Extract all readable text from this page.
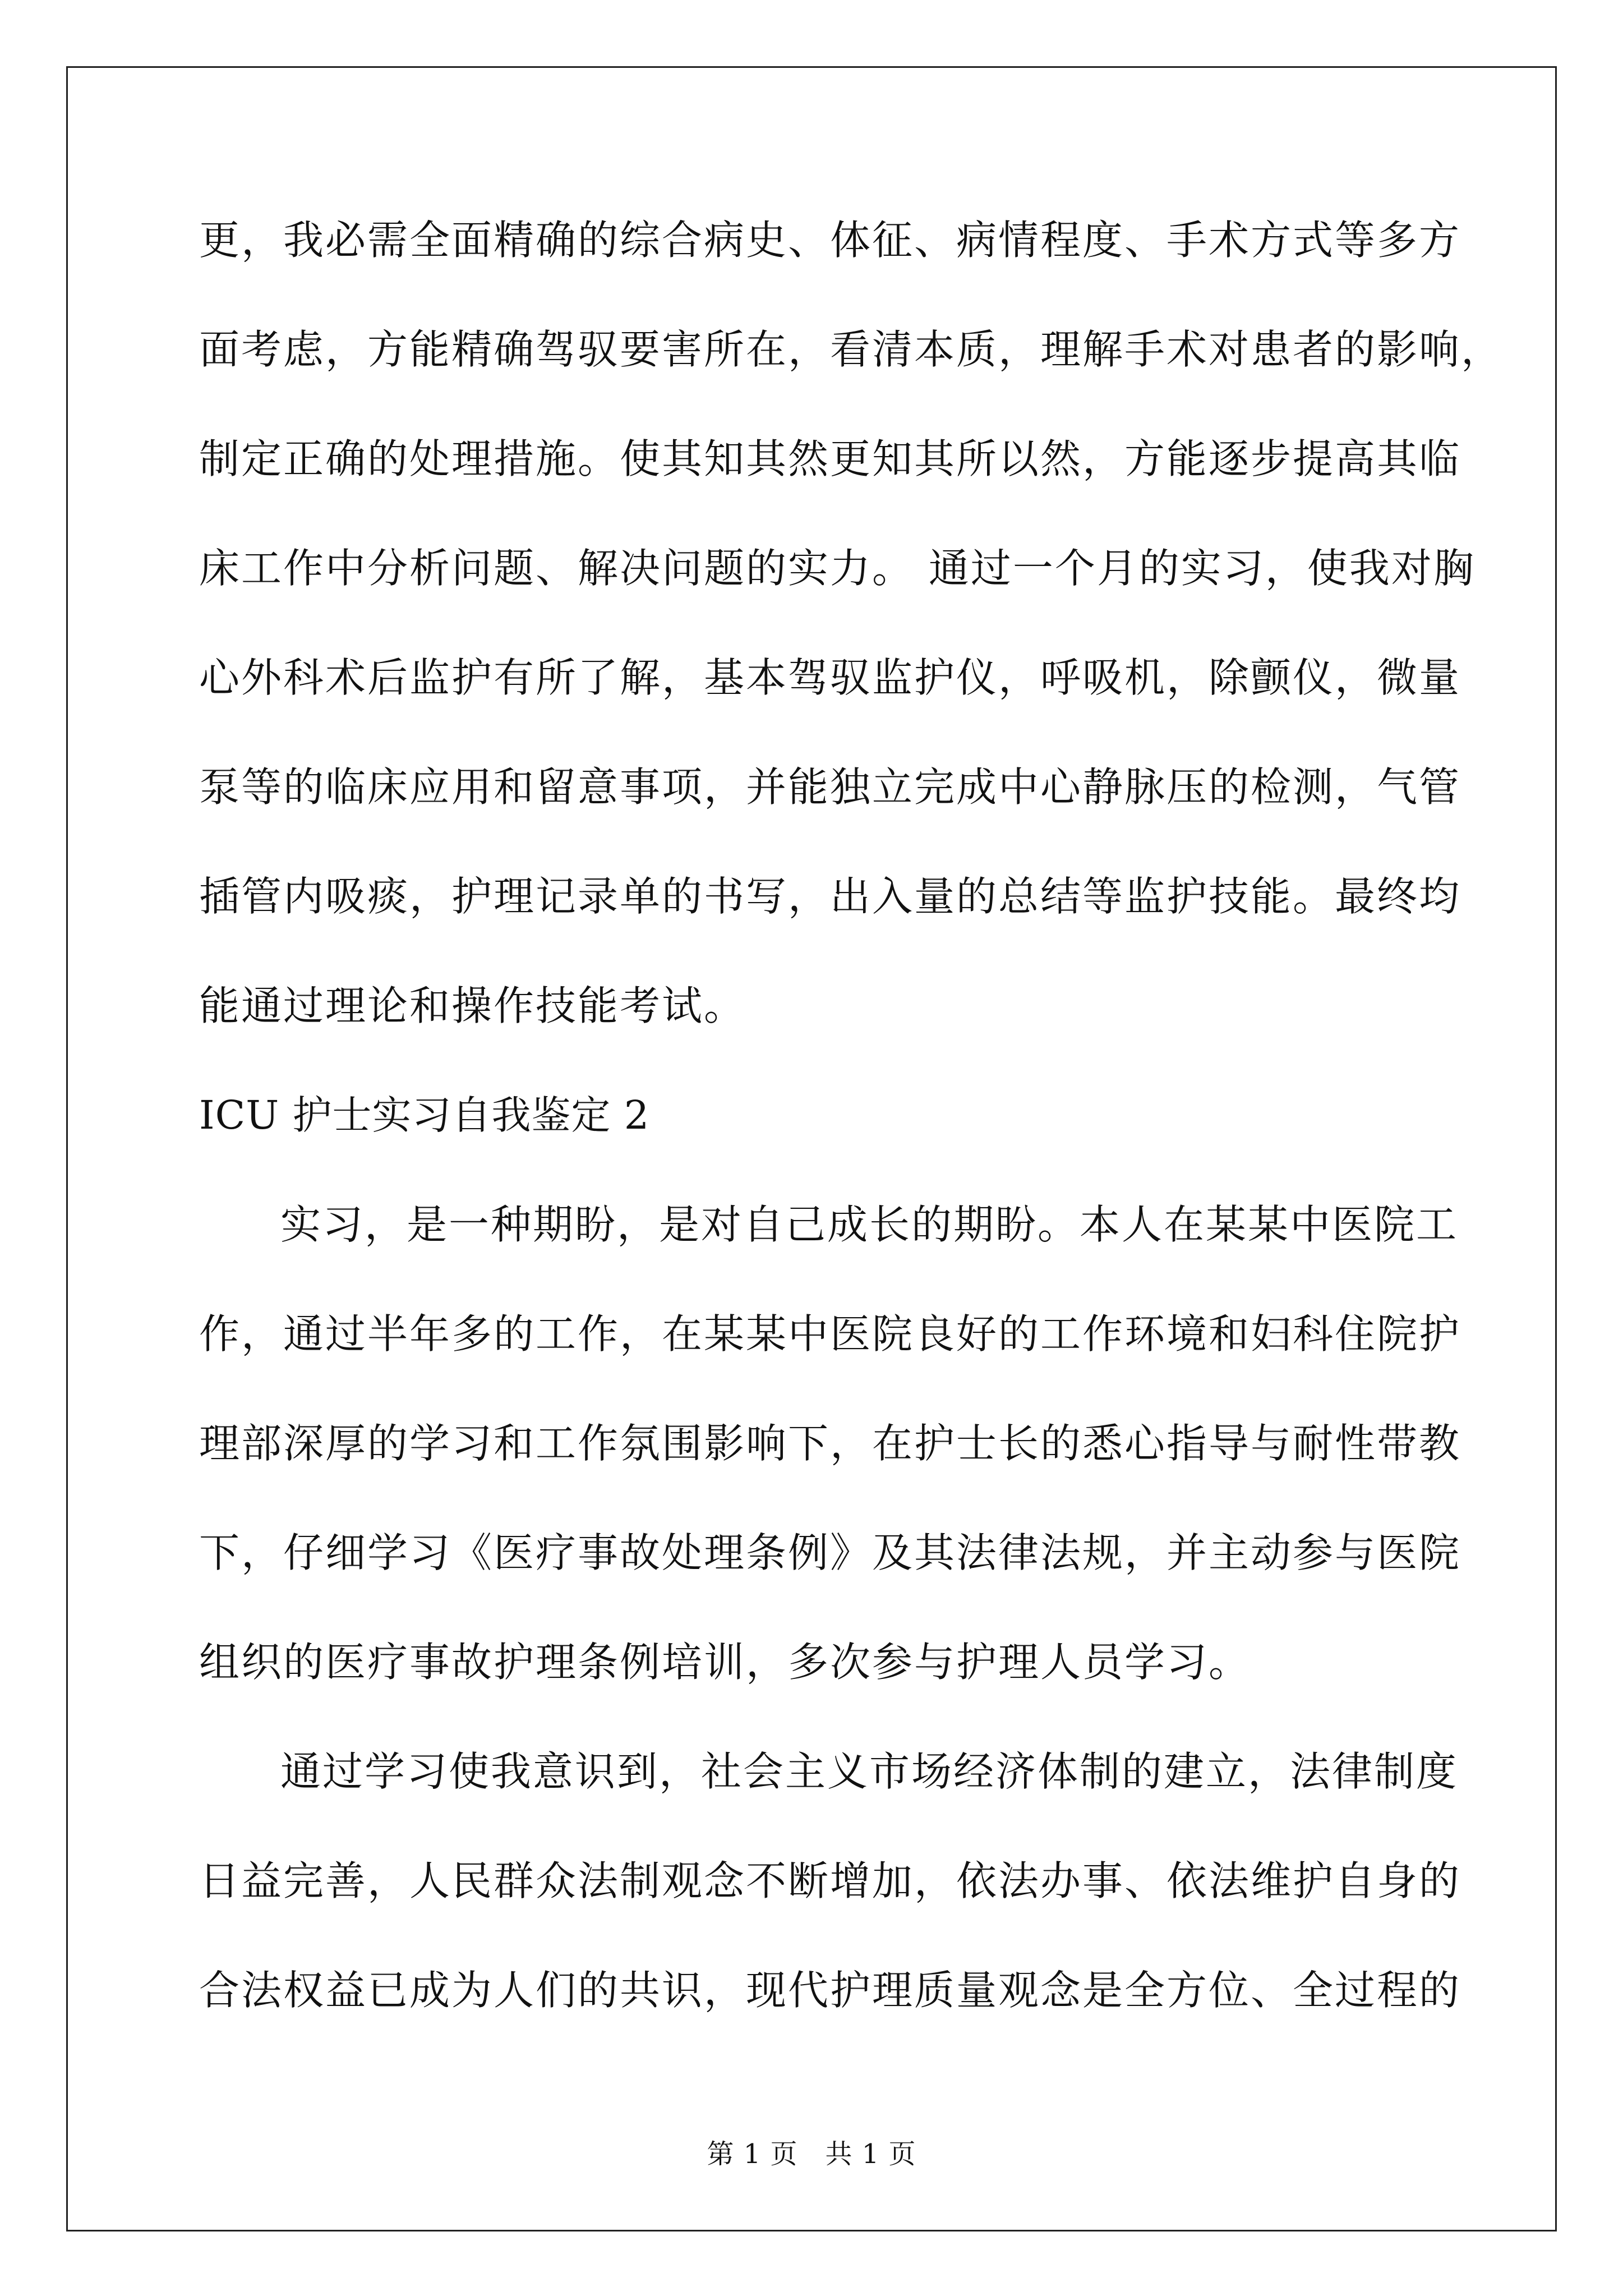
更，我必需全面精确的综合病史、体征、病情程度、手术方式等多方
面考虑，方能精确驾驭要害所在，看清本质，理解手术对患者的影响，
制定正确的处理措施。使其知其然更知其所以然，方能逐步提高其临
床工作中分析问题、解决问题的实力。 通过一个月的实习，使我对胸
心外科术后监护有所了解，基本驾驭监护仪，呼吸机，除颤仪，微量
泵等的临床应用和留意事项，并能独立完成中心静脉压的检测，气管
插管内吸痰，护理记录单的书写，出入量的总结等监护技能。最终均
能通过理论和操作技能考试。
ICU 护士实习自我鉴定 2
实习，是一种期盼，是对自己成长的期盼。本人在某某中医院工
作，通过半年多的工作，在某某中医院良好的工作环境和妇科住院护
理部深厚的学习和工作氛围影响下，在护士长的悉心指导与耐性带教
下，仔细学习《医疗事故处理条例》及其法律法规，并主动参与医院
组织的医疗事故护理条例培训，多次参与护理人员学习。
通过学习使我意识到，社会主义市场经济体制的建立，法律制度
日益完善，人民群众法制观念不断增加，依法办事、依法维护自身的
合法权益已成为人们的共识，现代护理质量观念是全方位、全过程的
第 1 页　共 1 页
